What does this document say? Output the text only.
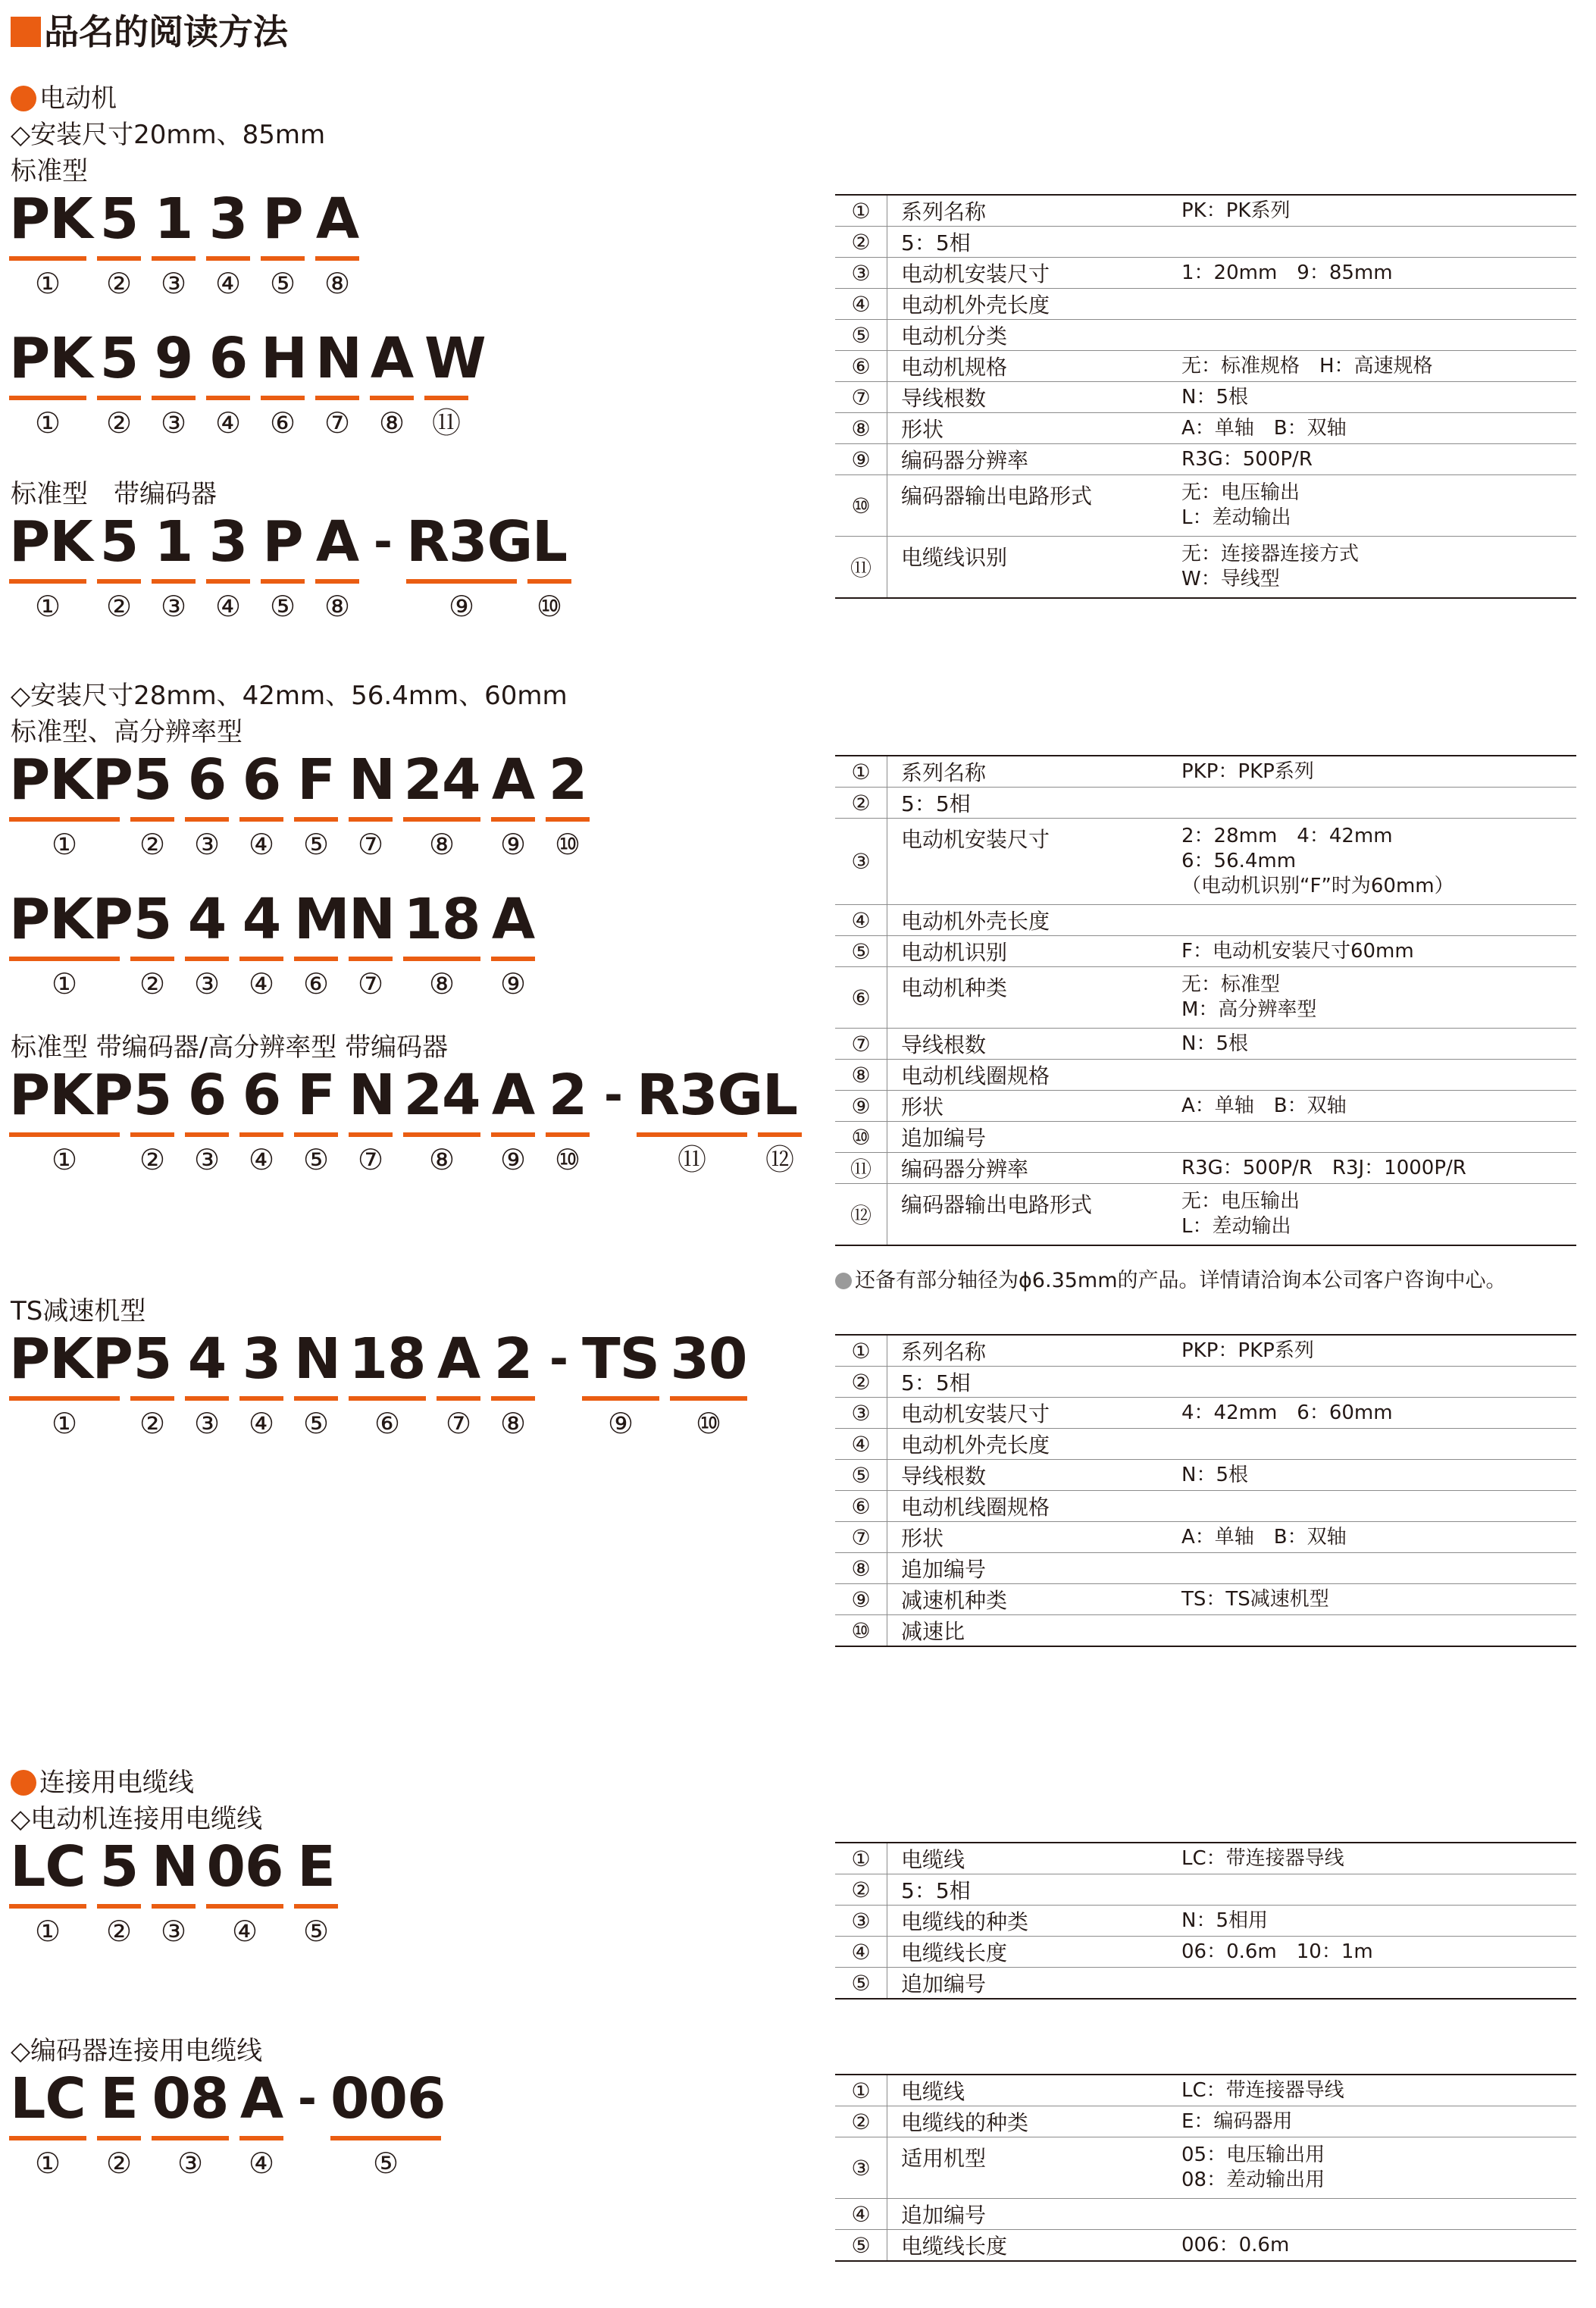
品名的阅读方法
电动机
◇安装尺寸20mm、85mm
标准型
PK
①
5
②
1
③
3
④
P
⑤
A
⑧
PK
①
5
②
9
③
6
④
H
⑥
N
⑦
A
⑧
W
⑪
标准型　带编码器
PK
①
5
②
1
③
3
④
P
⑤
A
⑧
- R3G
⑨
L
⑩
◇安装尺寸28mm、42mm、56.4mm、60mm
标准型、高分辨率型
PKP
①
5
②
6
③
6
④
F
⑤
N
⑦
24
⑧
A
⑨
2
⑩
PKP
①
5
②
4
③
4
④
M
⑥
N
⑦
18
⑧
A
⑨
标准型 带编码器/高分辨率型 带编码器
PKP
①
5
②
6
③
6
④
F
⑤
N
⑦
24
⑧
A
⑨
2
⑩
- R3G
⑪
L
⑫
TS减速机型
PKP
①
5
②
4
③
3
④
N
⑤
18
⑥
A
⑦
2
⑧
- TS
⑨
30
⑩
连接用电缆线
◇电动机连接用电缆线
LC
①
5
②
N
③
06
④
E
⑤
◇编码器连接用电缆线
LC
①
E
②
08
③
A
④
- 006
⑤
①	系列名称	PK：PK系列
②	5：5相
③	电动机安装尺寸	1：20mm　9：85mm
④	电动机外壳长度
⑤	电动机分类
⑥	电动机规格	无：标准规格　H：高速规格
⑦	导线根数	N：5根
⑧	形状	A：单轴　B：双轴
⑨	编码器分辨率	R3G：500P/R
⑩	编码器输出电路形式	无：电压输出
L：差动输出
⑪	电缆线识别	无：连接器连接方式
W：导线型
①	系列名称	PKP：PKP系列
②	5：5相
③
电动机安装尺寸	2：28mm　4：42mm
6：56.4mm
（电动机识别“F”时为60mm）
④	电动机外壳长度
⑤	电动机识别	F：电动机安装尺寸60mm
⑥	电动机种类	无：标准型
M：高分辨率型
⑦	导线根数	N：5根
⑧	电动机线圈规格
⑨	形状	A：单轴　B：双轴
⑩	追加编号
⑪	编码器分辨率	R3G：500P/R　R3J：1000P/R
⑫	编码器输出电路形式	无：电压输出
L：差动输出
还备有部分轴径为ϕ6.35mm的产品。详情请洽询本公司客户咨询中心。
①	系列名称	PKP：PKP系列
②	5：5相
③	电动机安装尺寸	4：42mm　6：60mm
④	电动机外壳长度
⑤	导线根数	N：5根
⑥	电动机线圈规格
⑦	形状	A：单轴　B：双轴
⑧	追加编号
⑨	减速机种类	TS：TS减速机型
⑩	减速比
①	电缆线	LC：带连接器导线
②	5：5相
③	电缆线的种类	N：5相用
④	电缆线长度	06：0.6m　10：1m
⑤	追加编号
①	电缆线	LC：带连接器导线
②	电缆线的种类	E：编码器用
③	适用机型	05：电压输出用
08：差动输出用
④	追加编号
⑤	电缆线长度	006：0.6m
